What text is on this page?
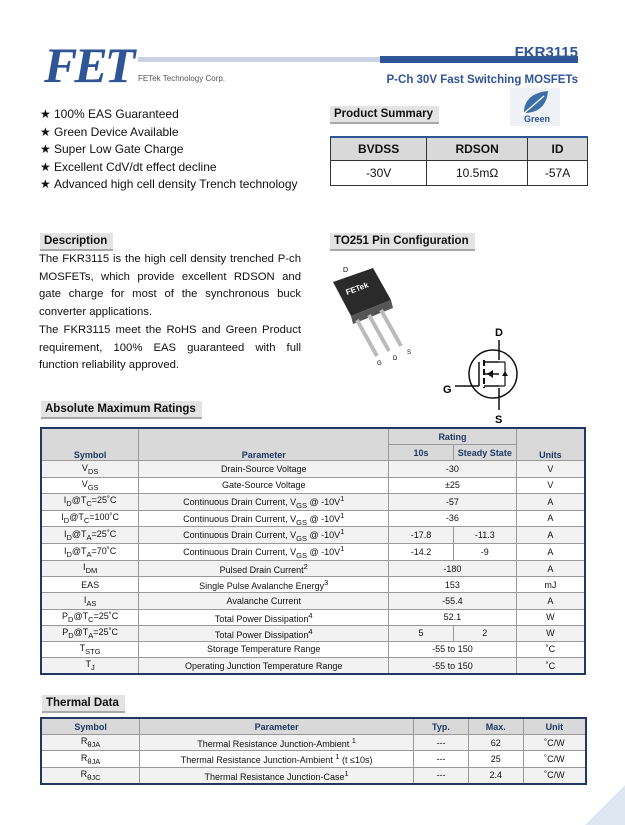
FET FETek Technology Corp.
FKR3115
P-Ch 30V Fast Switching MOSFETs
★ 100% EAS Guaranteed
★ Green Device Available
★ Super Low Gate Charge
★ Excellent CdV/dt effect decline
★ Advanced high cell density Trench technology
Product Summary	Green
BVDSS	RDSON	ID
-30V	10.5mΩ	-57A
Description

The FKR3115 is the high cell density trenched P-ch MOSFETs, which provide excellent RDSON and gate charge for most of the synchronous buck converter applications.

The FKR3115 meet the RoHS and Green Product requirement, 100% EAS guaranteed with full function reliability approved.

TO251 Pin Configuration
FETek
D
G
D
S
D
G
S
Absolute Maximum Ratings
Symbol	Parameter	Rating		Units
		10s	Steady State	
$V_{DS}$	Drain-Source Voltage	-30		V
$V_{GS}$	Gate-Source Voltage	±25		V
$I_D@T_C=25˚C$	Continuous Drain Current, $V_{GS}$ @ $-10V^1$	-57		A
$I_D@T_C=100˚C$	Continuous Drain Current, $V_{GS}$ @ $-10V^1$	-36		A
$I_D@T_A=25˚C$	Continuous Drain Current, $V_{GS}$ @ $-10V^1$	-17.8	-11.3	A
$I_D@T_A=70˚C$	Continuous Drain Current, $V_{GS}$ @ $-10V^1$	-14.2	-9	A
$I_{DM}$	Pulsed Drain Current$^2$	-180		A
EAS	Single Pulse Avalanche Energy$^3$	153		mJ
$I_{AS}$	Avalanche Current	-55.4		A
$P_D@T_C=25˚C$	Total Power Dissipation$^4$	52.1		W
$P_D@T_A=25˚C$	Total Power Dissipation$^4$	5	2	W
$T_{STG}$	Storage Temperature Range	-55 to 150		˚C
$T_J$	Operating Junction Temperature Range	-55 to 150		˚C
Thermal Data
Symbol	Parameter	Typ.	Max.	Unit
$R_{\theta JA}$	Thermal Resistance Junction-Ambient $^1$	---	62	˚C/W
$R_{\theta JA}$	Thermal Resistance Junction-Ambient $^1$ (t ≤10s)	---	25	˚C/W
$R_{\theta JC}$	Thermal Resistance Junction-Case$^1$	---	2.4	˚C/W
